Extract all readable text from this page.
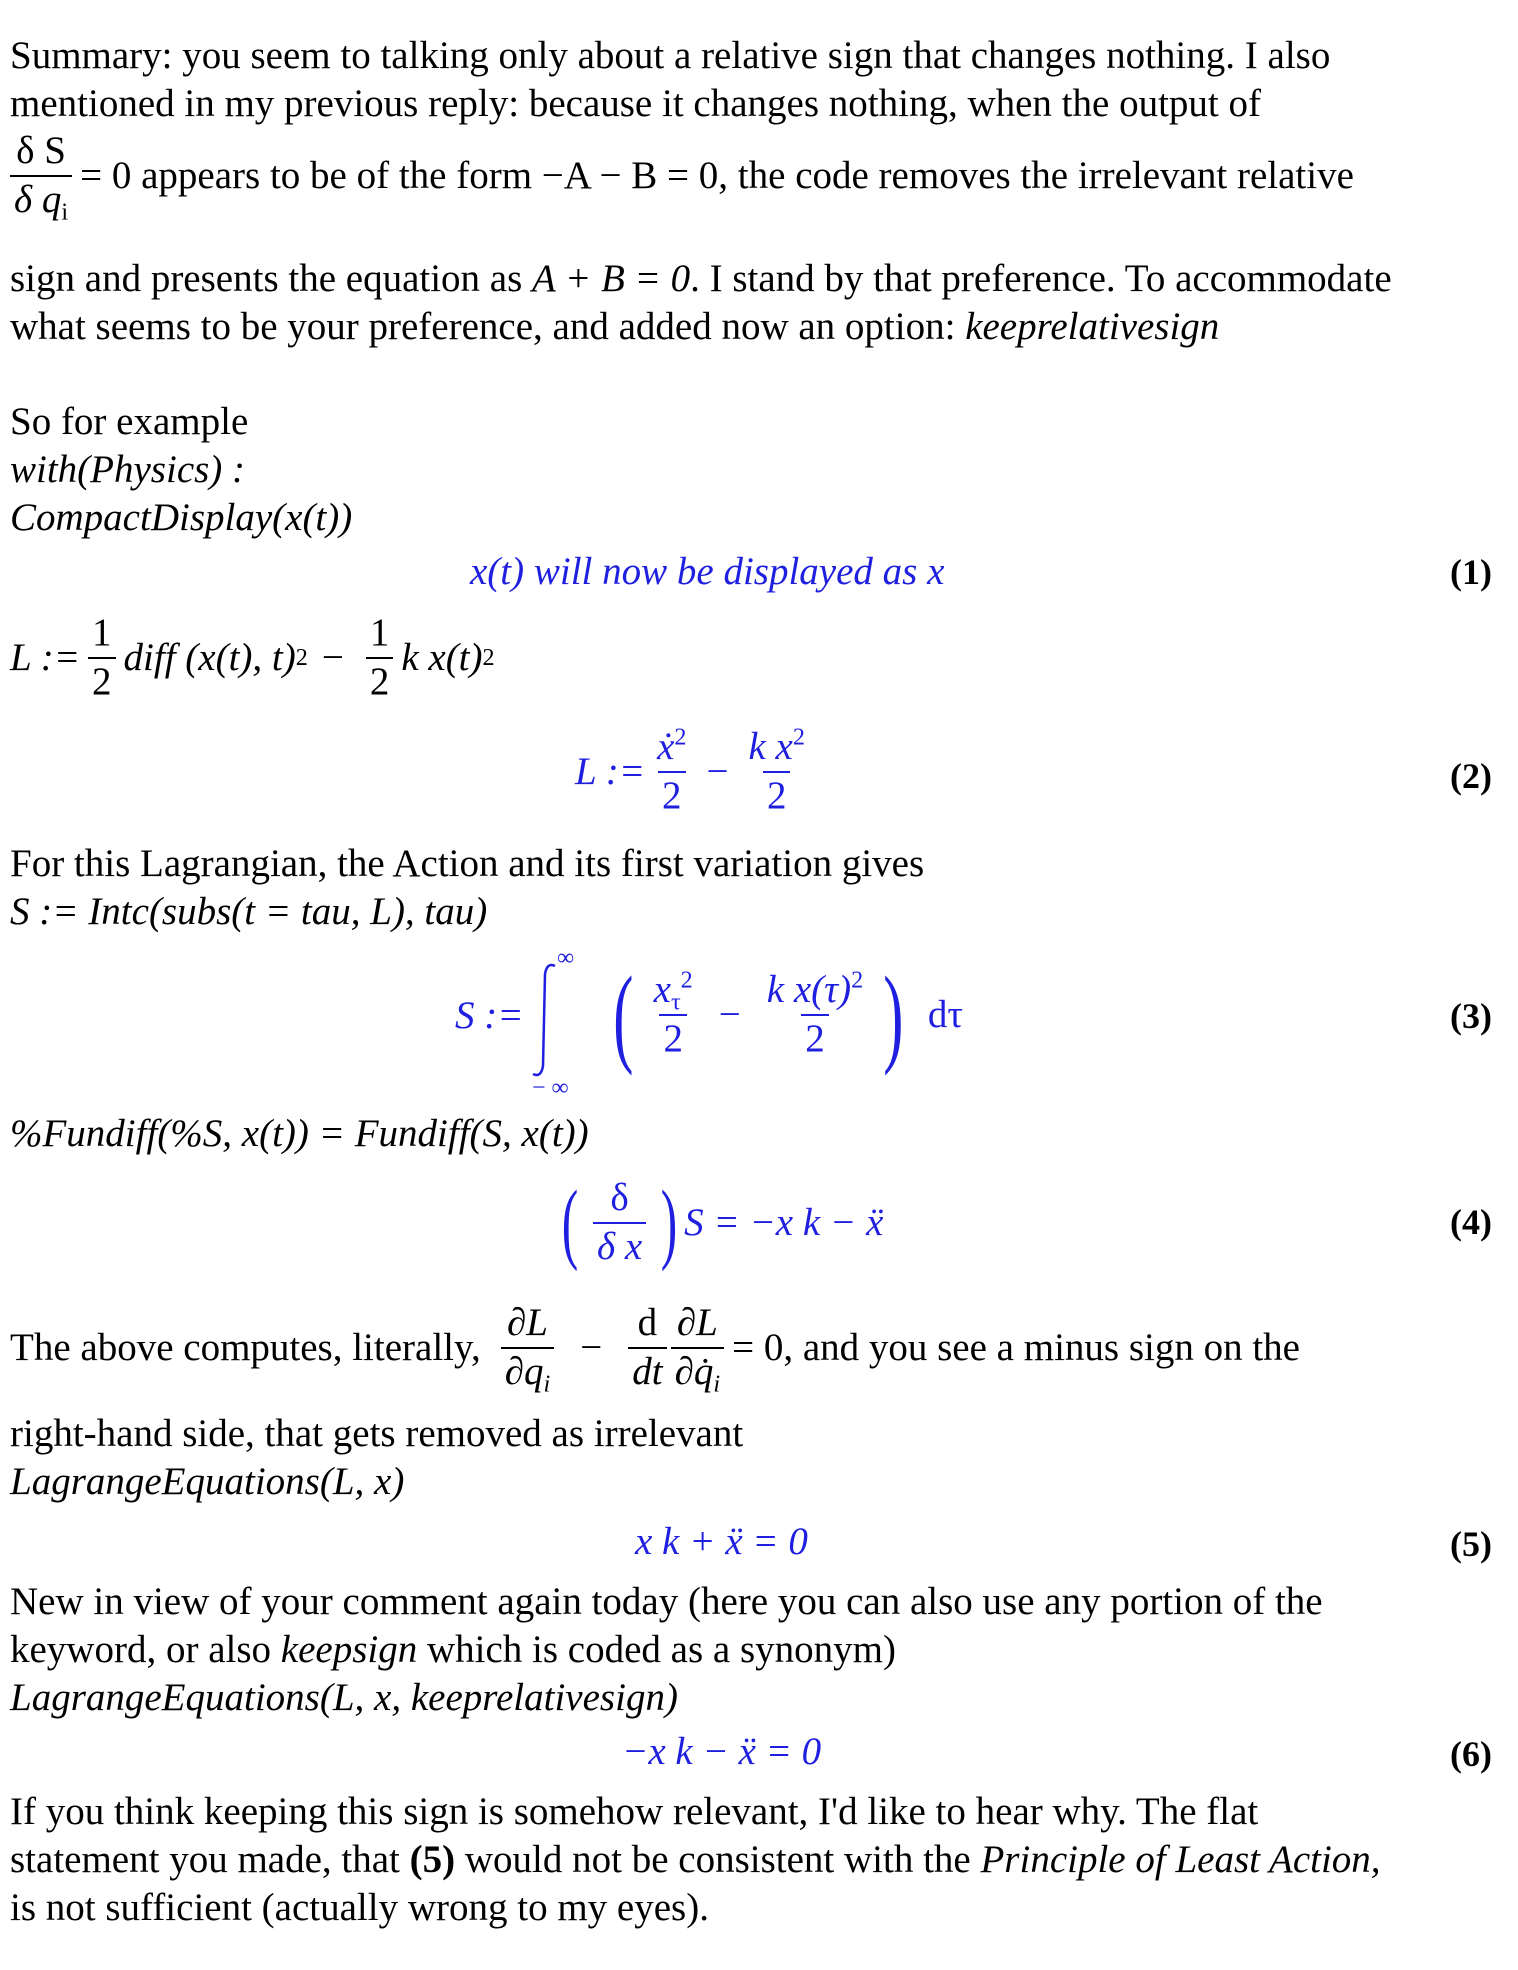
Summary: you seem to talking only about a relative sign that changes nothing. I also
mentioned in my previous reply: because it changes nothing, when the output of
$\frac{\text{δ S}}{\delta q_i} = 0$ appears to be of the form −A − B = 0, the code removes the irrelevant relative
sign and presents the equation as A + B = 0. I stand by that preference. To accommodate
what seems to be your preference, and added now an option: keeprelativesign
So for example
with(Physics) :
CompactDisplay(x(t))
x(t) will now be displayed as x	(1)
L := $\frac{1}{2}$ diff (x(t), t) $2 - \frac{1}{2}$ k x(t) 2
L := $\frac{ẋ^2}{2} - \frac{k x^2}{2}$	(2)
For this Lagrangian, the Action and its first variation gives
S := Intc(subs(t = tau, L), tau)
S :=
∞
− ∞
( $\frac{x_\tau^2}{2} - \frac{k x(\tau)^2}{2}$ ) dτ	(3)
%Fundiff(%S, x(t)) = Fundiff(S, x(t))
( $\frac{\delta}{\text{δ x}}$ ) S = −x k − ẍ	(4)
The above computes, literally, $\frac{\partial L}{\partial q_i} - \frac{d}{dt} \frac{\partial L}{\partial q̇_i} = 0$, and you see a minus sign on the
right-hand side, that gets removed as irrelevant
LagrangeEquations(L, x)
x k + ẍ = 0	(5)
New in view of your comment again today (here you can also use any portion of the
keyword, or also keepsign which is coded as a synonym)
LagrangeEquations(L, x, keeprelativesign)
−x k − ẍ = 0	(6)
If you think keeping this sign is somehow relevant, I'd like to hear why. The flat
statement you made, that (5) would not be consistent with the Principle of Least Action,
is not sufficient (actually wrong to my eyes).
